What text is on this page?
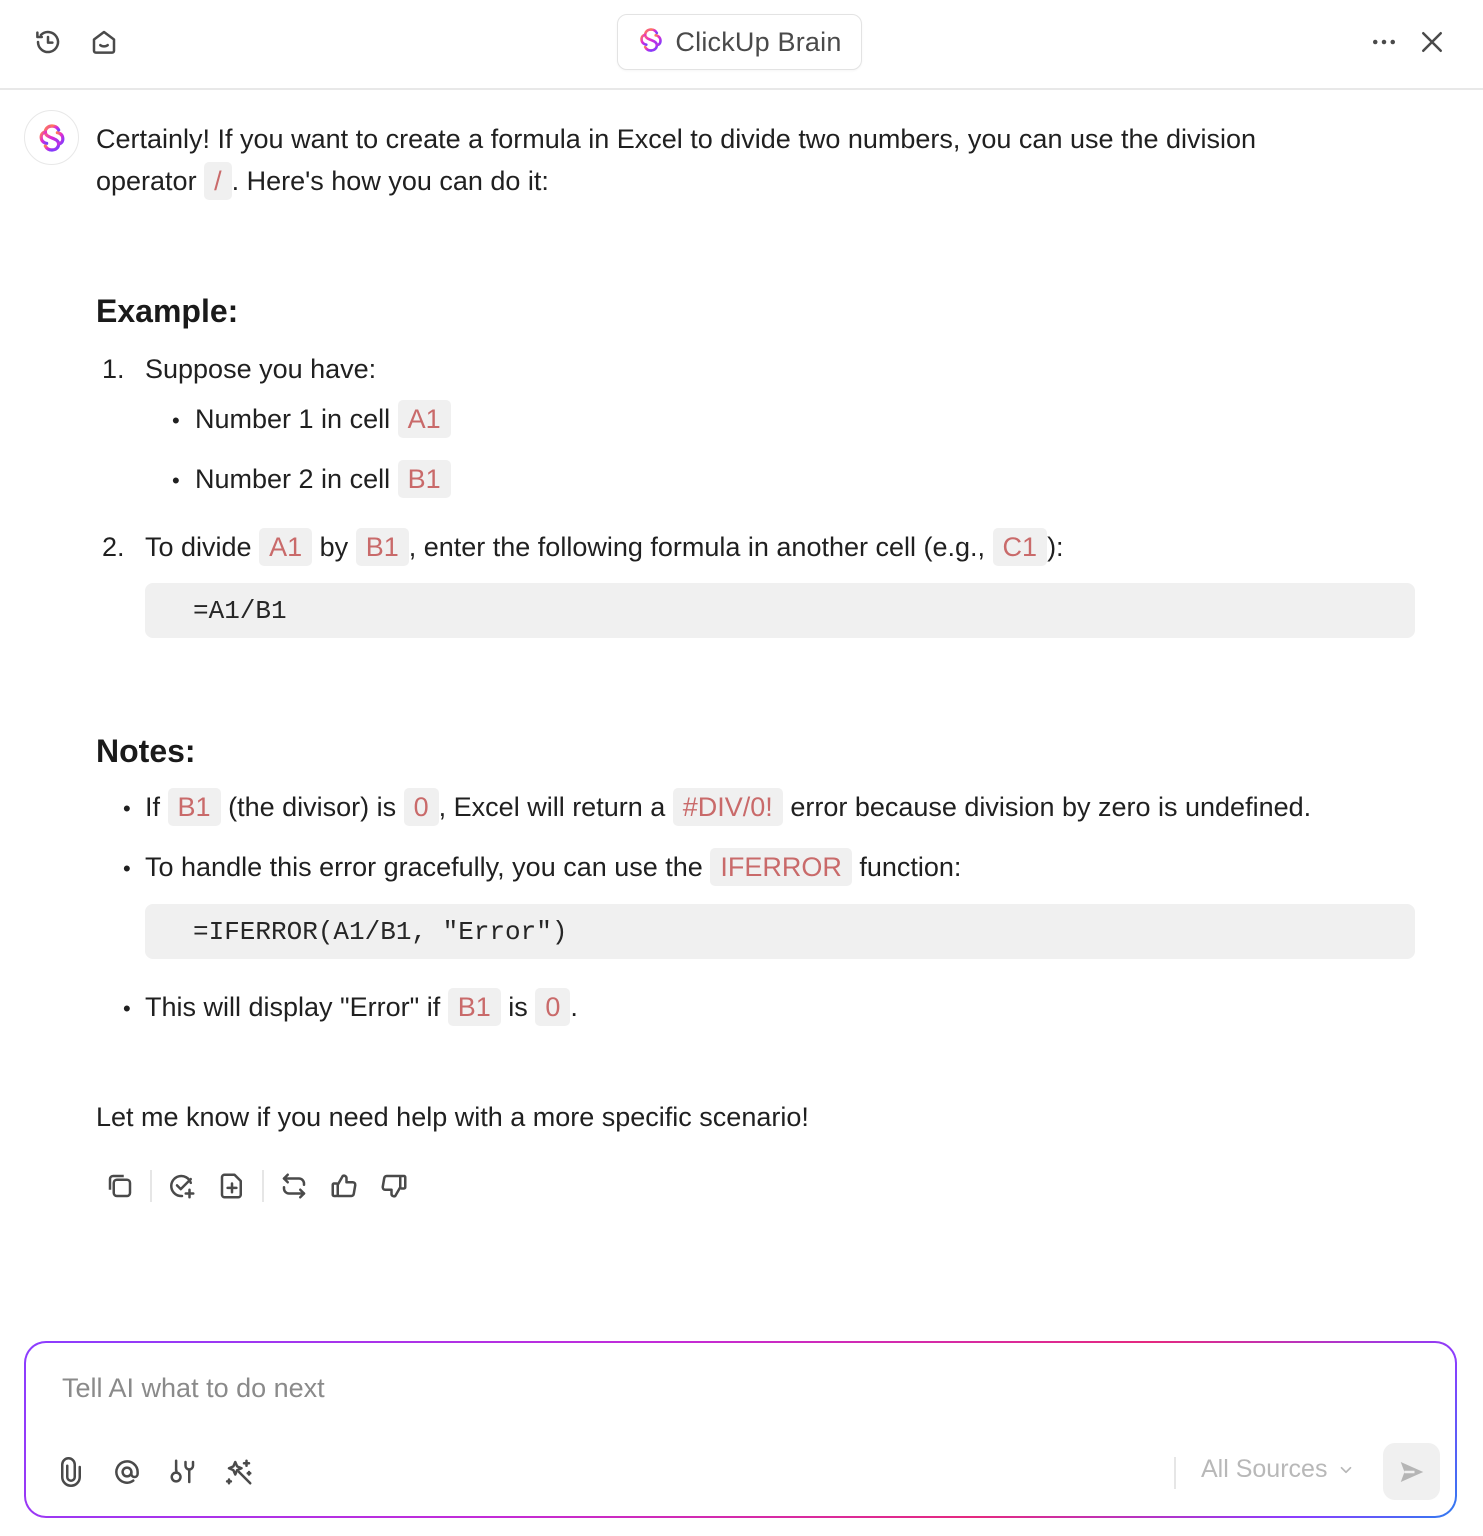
ClickUp Brain
Certainly! If you want to create a formula in Excel to divide two numbers, you can use the division
operator / . Here's how you can do it:
Example:
1. Suppose you have:
• Number 1 in cell A1
• Number 2 in cell B1
2. To divide A1 by B1 , enter the following formula in another cell (e.g., C1 ):
=A1/B1
Notes:
• If B1 (the divisor) is 0 , Excel will return a #DIV/0! error because division by zero is undefined.
• To handle this error gracefully, you can use the IFERROR function:
=IFERROR(A1/B1, "Error")
• This will display "Error" if B1 is 0 .
Let me know if you need help with a more specific scenario!
Tell AI what to do next
All Sources
